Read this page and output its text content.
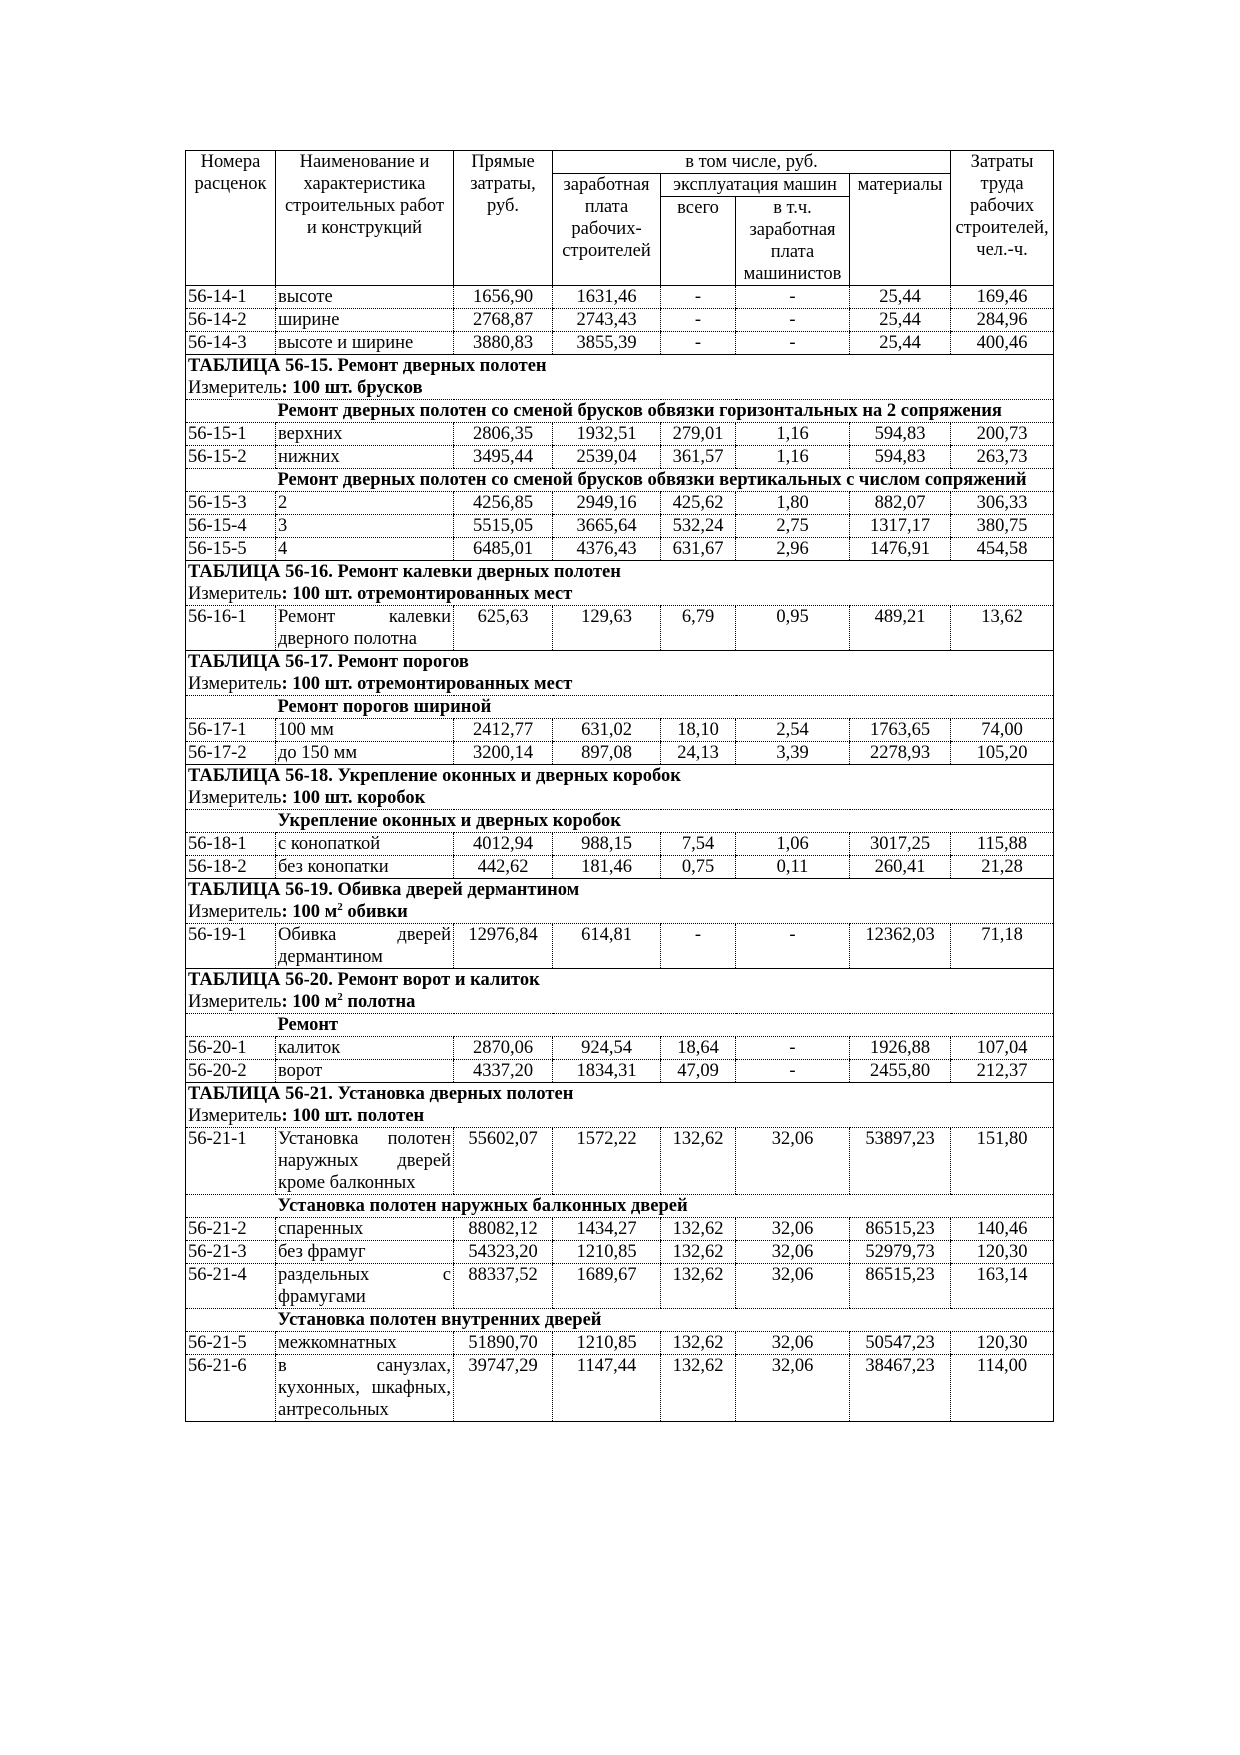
Номера расценок	Наименование и характеристика строительных работ и конструкций	Прямые затраты, руб.	в том числе, руб.				Затраты труда рабочих строителей, чел.-ч.
			заработная плата рабочих-строителей	эксплуатация машин		материалы	
				всего	в т.ч. заработная плата машинистов		
56-14-1	высоте	1656,90	1631,46	-	-	25,44	169,46
56-14-2	ширине	2768,87	2743,43	-	-	25,44	284,96
56-14-3	высоте и ширине	3880,83	3855,39	-	-	25,44	400,46
ТАБЛИЦА 56-15. Ремонт дверных полотен							
Измеритель: 100 шт. брусков							
	Ремонт дверных полотен со сменой брусков обвязки горизонтальных на 2 сопряжения						
56-15-1	верхних	2806,35	1932,51	279,01	1,16	594,83	200,73
56-15-2	нижних	3495,44	2539,04	361,57	1,16	594,83	263,73
	Ремонт дверных полотен со сменой брусков обвязки вертикальных с числом сопряжений						
56-15-3	2	4256,85	2949,16	425,62	1,80	882,07	306,33
56-15-4	3	5515,05	3665,64	532,24	2,75	1317,17	380,75
56-15-5	4	6485,01	4376,43	631,67	2,96	1476,91	454,58
ТАБЛИЦА 56-16. Ремонт калевки дверных полотен							
Измеритель: 100 шт. отремонтированных мест							
56-16-1	Ремонт калевки дверного полотна	625,63	129,63	6,79	0,95	489,21	13,62
ТАБЛИЦА 56-17. Ремонт порогов							
Измеритель: 100 шт. отремонтированных мест							
	Ремонт порогов шириной						
56-17-1	100 мм	2412,77	631,02	18,10	2,54	1763,65	74,00
56-17-2	до 150 мм	3200,14	897,08	24,13	3,39	2278,93	105,20
ТАБЛИЦА 56-18. Укрепление оконных и дверных коробок							
Измеритель: 100 шт. коробок							
	Укрепление оконных и дверных коробок						
56-18-1	с конопаткой	4012,94	988,15	7,54	1,06	3017,25	115,88
56-18-2	без конопатки	442,62	181,46	0,75	0,11	260,41	21,28
ТАБЛИЦА 56-19. Обивка дверей дермантином							
Измеритель: 100 $м^2$ обивки							
56-19-1	Обивка дверей дермантином	12976,84	614,81	-	-	12362,03	71,18
ТАБЛИЦА 56-20. Ремонт ворот и калиток							
Измеритель: 100 $м^2$ полотна							
	Ремонт						
56-20-1	калиток	2870,06	924,54	18,64	-	1926,88	107,04
56-20-2	ворот	4337,20	1834,31	47,09	-	2455,80	212,37
ТАБЛИЦА 56-21. Установка дверных полотен							
Измеритель: 100 шт. полотен							
56-21-1	Установка полотен наружных дверей кроме балконных	55602,07	1572,22	132,62	32,06	53897,23	151,80
	Установка полотен наружных балконных дверей						
56-21-2	спаренных	88082,12	1434,27	132,62	32,06	86515,23	140,46
56-21-3	без фрамуг	54323,20	1210,85	132,62	32,06	52979,73	120,30
56-21-4	раздельных с фрамугами	88337,52	1689,67	132,62	32,06	86515,23	163,14
	Установка полотен внутренних дверей						
56-21-5	межкомнатных	51890,70	1210,85	132,62	32,06	50547,23	120,30
56-21-6	в санузлах, кухонных, шкафных, антресольных	39747,29	1147,44	132,62	32,06	38467,23	114,00
